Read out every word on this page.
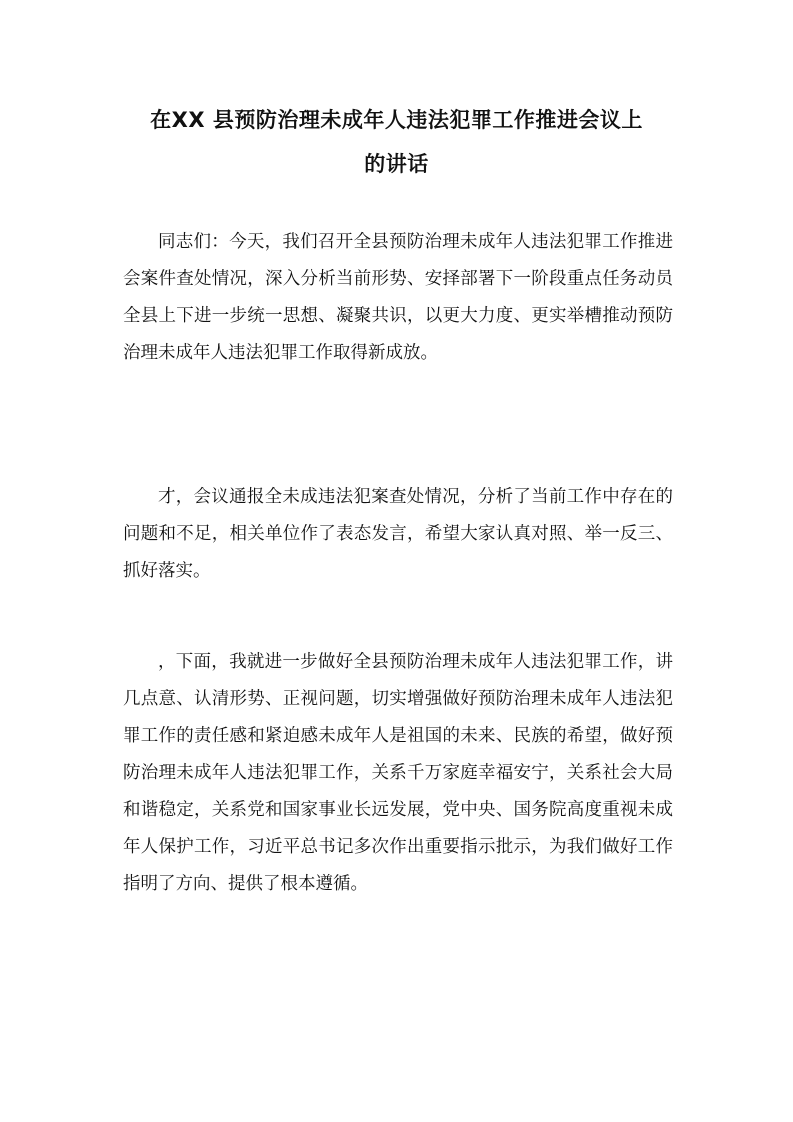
在XX 县预防治理未成年人违法犯罪工作推进会议上
的讲话

同志们：今天，我们召开全县预防治理未成年人违法犯罪工作推进会案件查处情况，深入分析当前形势、安择部署下一阶段重点任务动员全县上下进一步统一思想、凝聚共识，以更大力度、更实举槽推动预防治理未成年人违法犯罪工作取得新成放。

才，会议通报全未成违法犯案查处情况，分析了当前工作中存在的问题和不足，相关单位作了表态发言，希望大家认真对照、举一反三、抓好落实。

，下面，我就进一步做好全县预防治理未成年人违法犯罪工作，讲几点意、认清形势、正视问题，切实增强做好预防治理未成年人违法犯罪工作的责任感和紧迫感未成年人是祖国的未来、民族的希望，做好预防治理未成年人违法犯罪工作，关系千万家庭幸福安宁，关系社会大局和谐稳定，关系党和国家事业长远发展，党中央、国务院高度重视未成年人保护工作，习近平总书记多次作出重要指示批示，为我们做好工作指明了方向、提供了根本遵循。
